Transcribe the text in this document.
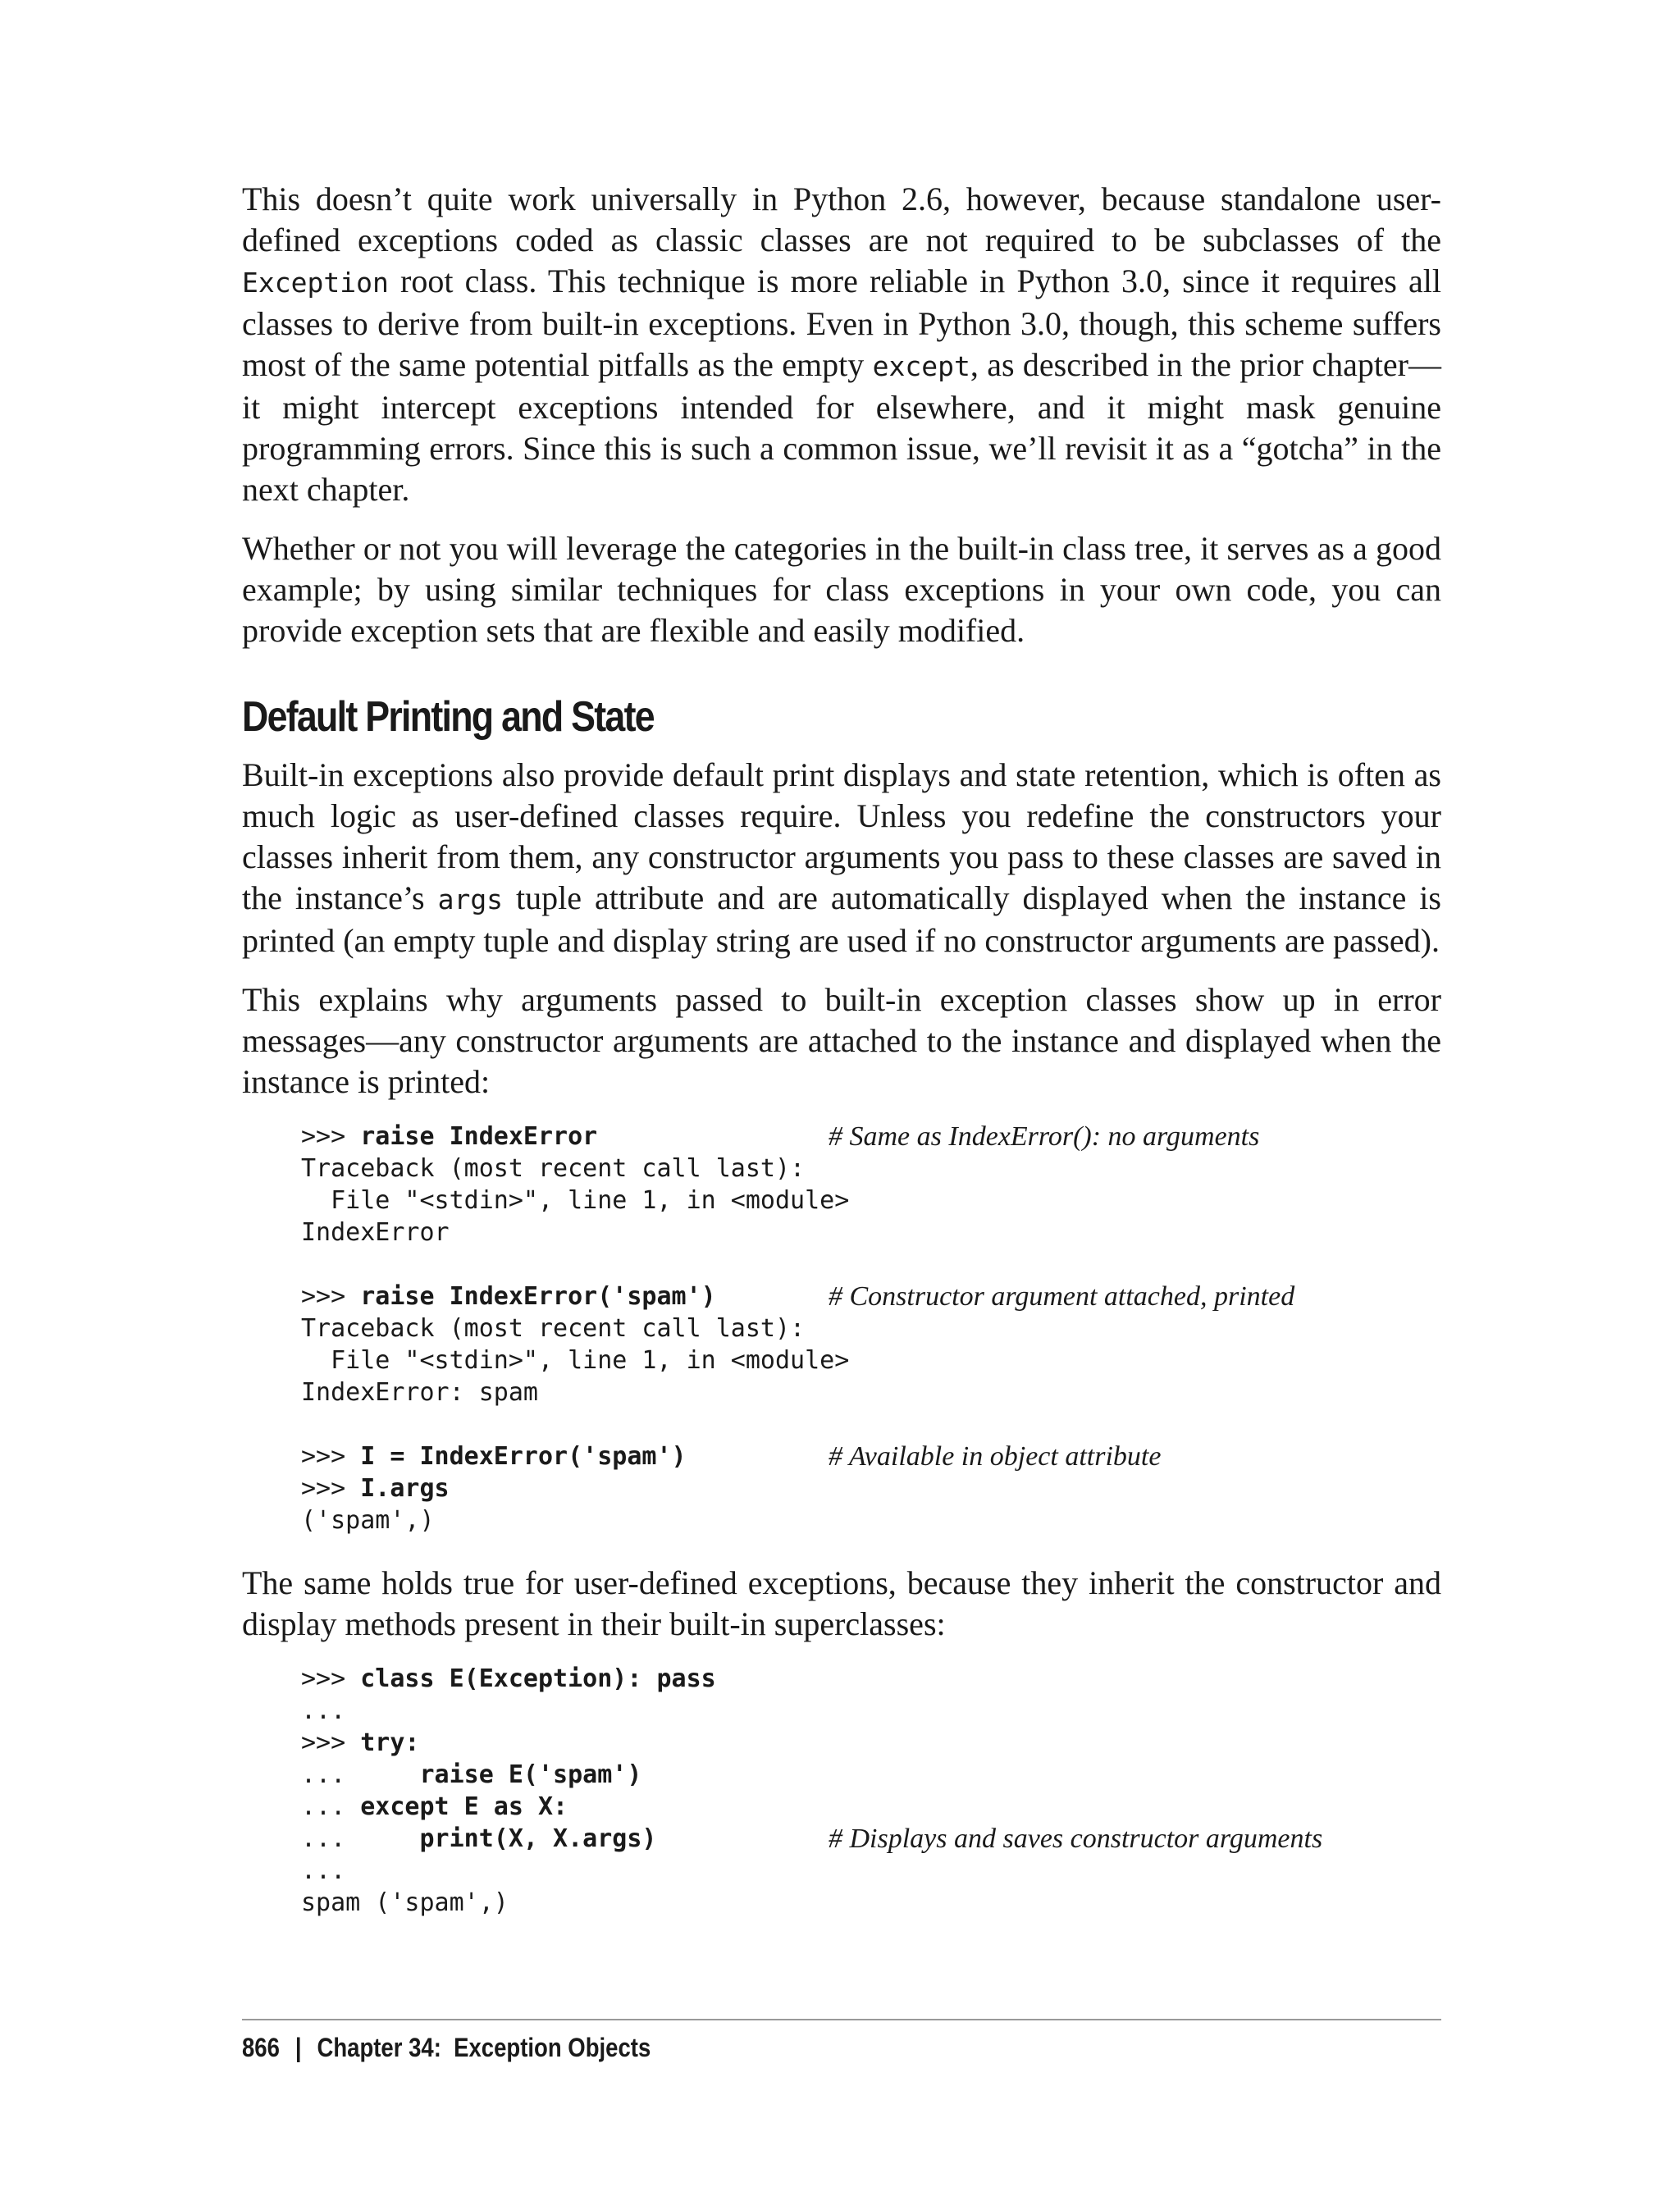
This doesn’t quite work universally in Python 2.6, however, because standalone user-defined exceptions coded as classic classes are not required to be subclasses of the Exception root class. This technique is more reliable in Python 3.0, since it requires all classes to derive from built-in exceptions. Even in Python 3.0, though, this scheme suffers most of the same potential pitfalls as the empty except, as described in the prior chapter—it might intercept exceptions intended for elsewhere, and it might mask genuine programming errors. Since this is such a common issue, we’ll revisit it as a “gotcha” in the next chapter.

Whether or not you will leverage the categories in the built-in class tree, it serves as a good example; by using similar techniques for class exceptions in your own code, you can provide exception sets that are flexible and easily modified.

Default Printing and State

Built-in exceptions also provide default print displays and state retention, which is often as much logic as user-defined classes require. Unless you redefine the constructors your classes inherit from them, any constructor arguments you pass to these classes are saved in the instance’s args tuple attribute and are automatically displayed when the instance is printed (an empty tuple and display string are used if no constructor arguments are passed).

This explains why arguments passed to built-in exception classes show up in error messages—any constructor arguments are attached to the instance and displayed when the instance is printed:

>>> raise IndexError	# Same as IndexError(): no arguments
Traceback (most recent call last):
File "<stdin>", line 1, in <module>
IndexError
>>> raise IndexError('spam')	# Constructor argument attached, printed
Traceback (most recent call last):
File "<stdin>", line 1, in <module>
IndexError: spam
>>> I = IndexError('spam')	# Available in object attribute
>>> I.args
('spam',)

The same holds true for user-defined exceptions, because they inherit the constructor and display methods present in their built-in superclasses:

>>> class E(Exception): pass
...
>>> try:
...     raise E('spam')
... except E as X:
...     print(X, X.args)	# Displays and saves constructor arguments
...
spam ('spam',)
866 | Chapter 34:  Exception Objects
